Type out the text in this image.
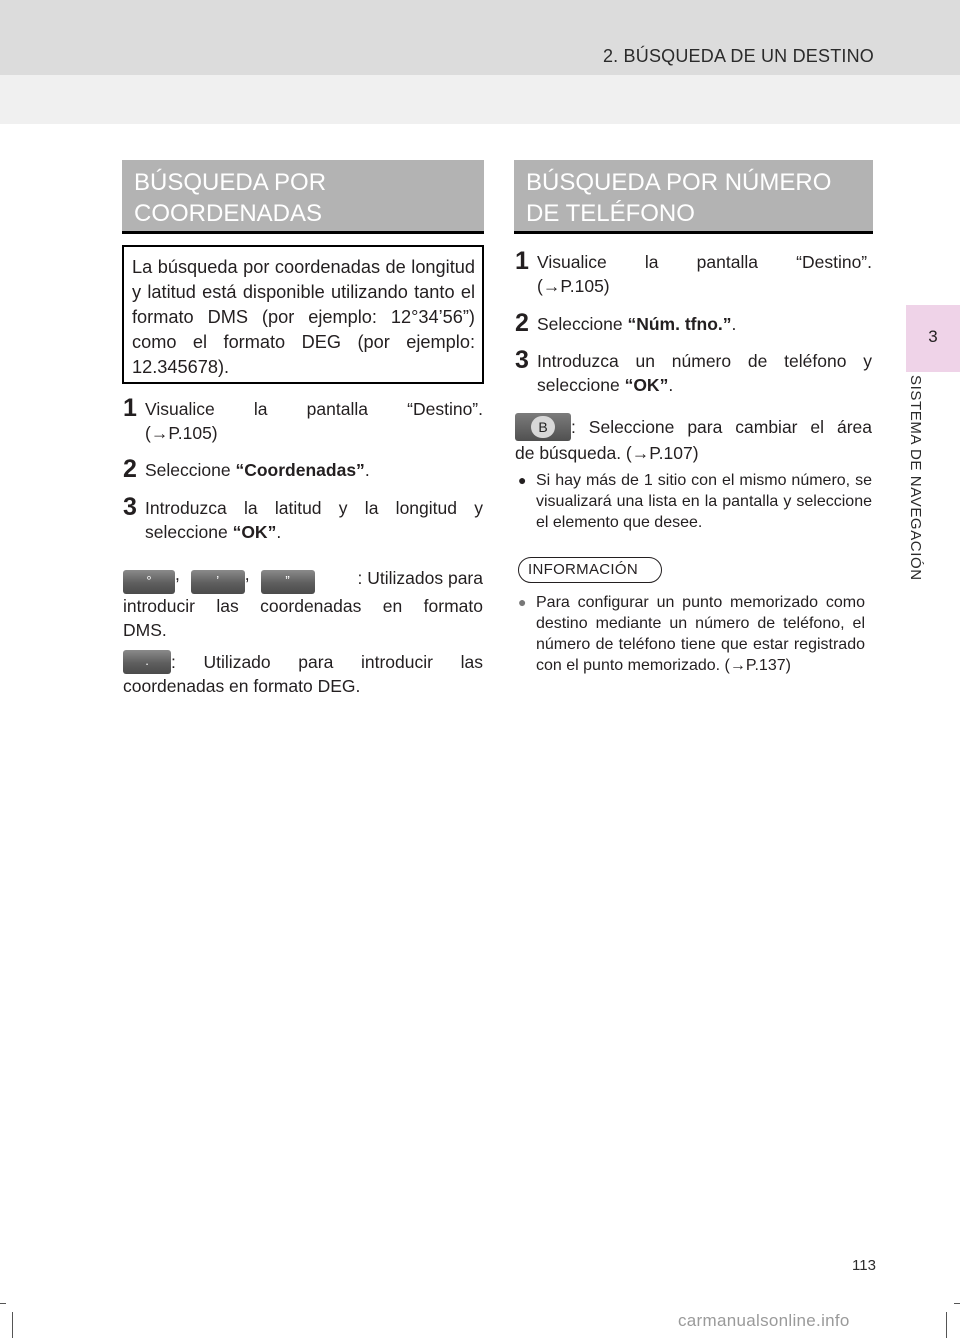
2. BÚSQUEDA DE UN DESTINO
3
SISTEMA DE NAVEGACIÓN
BÚSQUEDA POR
COORDENADAS
La búsqueda por coordenadas de longitud y latitud está disponible utilizando tanto el formato DMS (por ejemplo: 12°34’56”) como el formato DEG (por ejemplo: 12.345678).
1 Visualice la pantalla “Destino”.
(→P.105)
2 Seleccione “Coordenadas”.
3 Introduzca la latitud y la longitud y
seleccione “OK”.
° ,	’ ,	”	: Utilizados para
introducir las coordenadas en formato
DMS.
.	: Utilizado para introducir las
coordenadas en formato DEG.
BÚSQUEDA POR NÚMERO
DE TELÉFONO
1 Visualice la pantalla “Destino”.
(→P.105)
2 Seleccione “Núm. tfno.”.
3 Introduzca un número de teléfono y
seleccione “OK”.
B	: Seleccione para cambiar el área
de búsqueda. (→P.107)
● Si hay más de 1 sitio con el mismo número, se visualizará una lista en la pantalla y seleccione el elemento que desee.
INFORMACIÓN
● Para configurar un punto memorizado como destino mediante un número de teléfono, el número de teléfono tiene que estar registrado con el punto memorizado. (→P.137)
113
carmanualsonline.info
